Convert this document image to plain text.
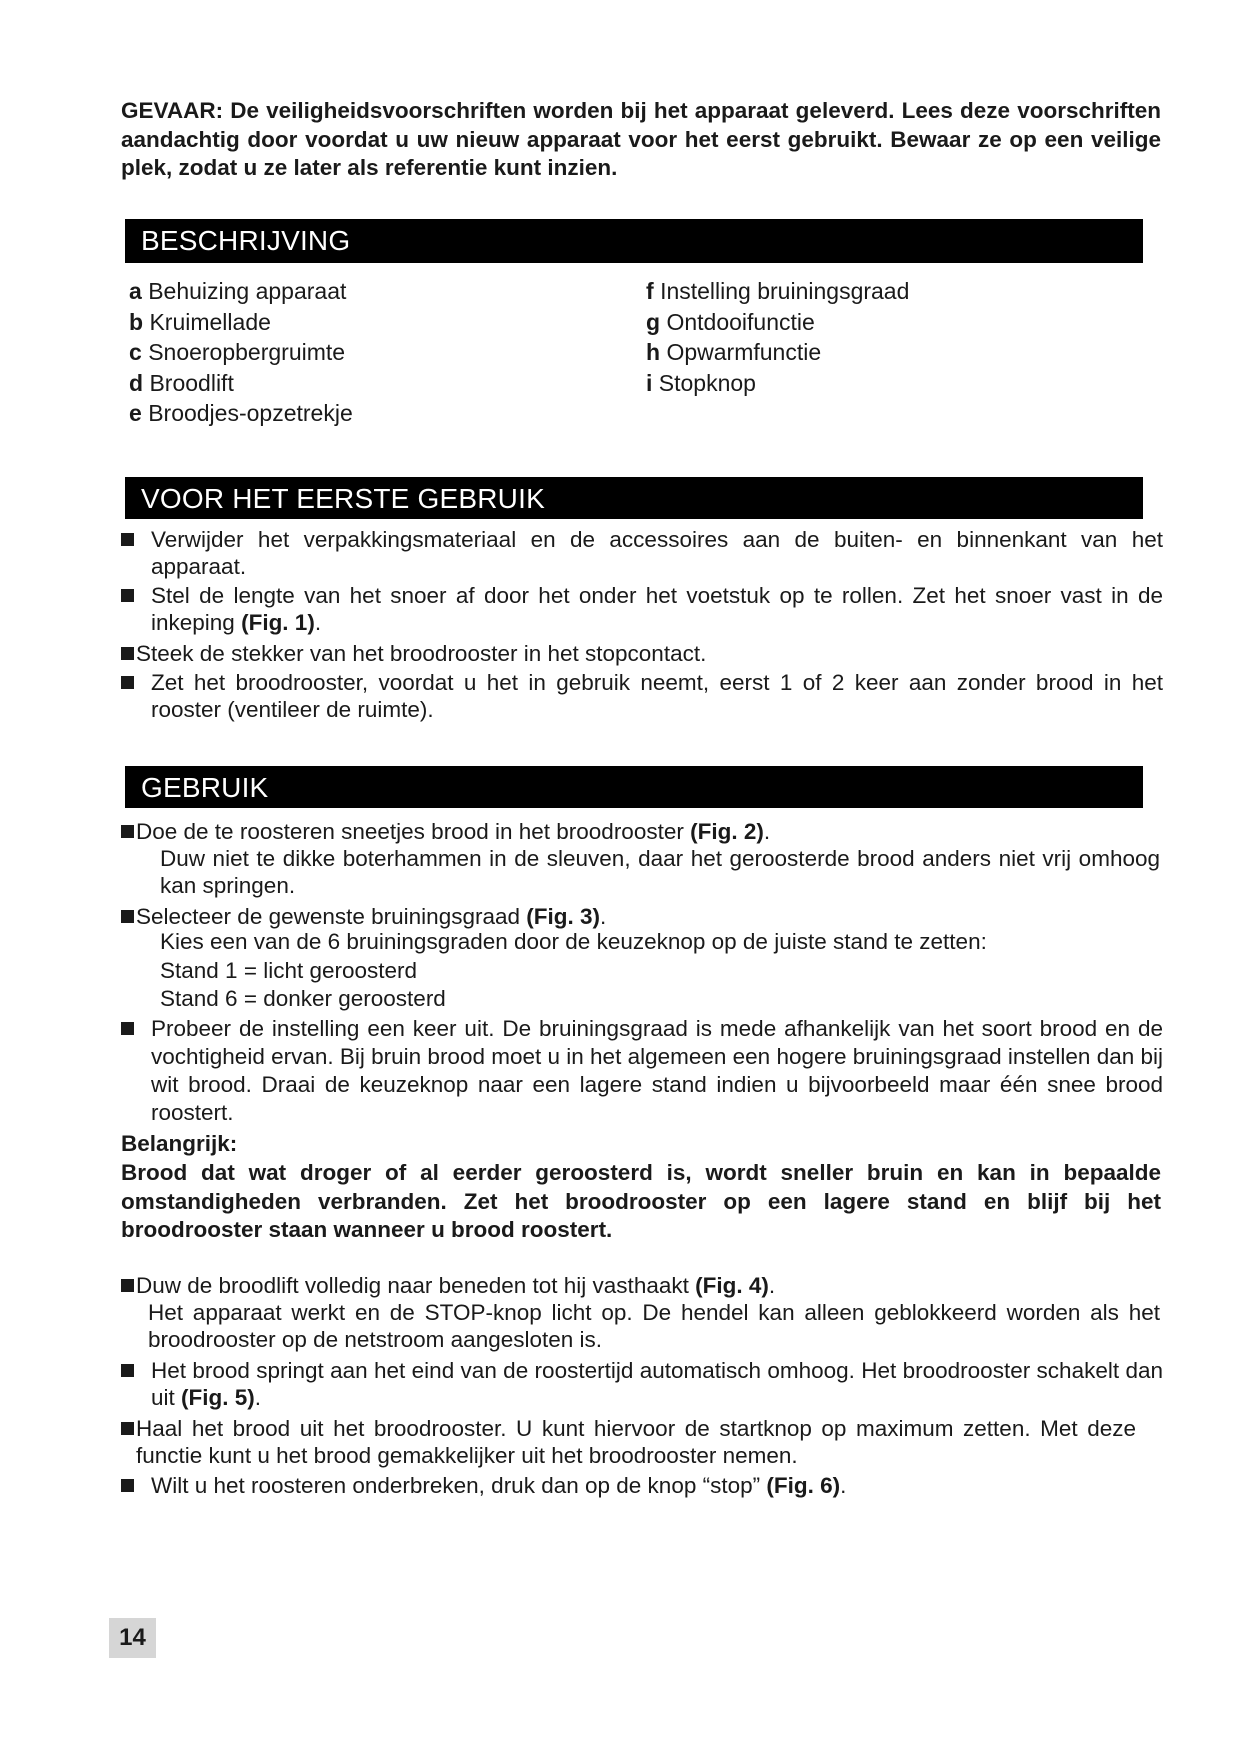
GEVAAR: De veiligheidsvoorschriften worden bij het apparaat geleverd. Lees deze voorschriften aandachtig door voordat u uw nieuw apparaat voor het eerst gebruikt. Bewaar ze op een veilige plek, zodat u ze later als referentie kunt inzien.
BESCHRIJVING
a Behuizing apparaat
b Kruimellade
c Snoeropbergruimte
d Broodlift
e Broodjes-opzetrekje
f Instelling bruiningsgraad
g Ontdooifunctie
h Opwarmfunctie
i Stopknop
VOOR HET EERSTE GEBRUIK
Verwijder het verpakkingsmateriaal en de accessoires aan de buiten- en binnenkant van het apparaat.
Stel de lengte van het snoer af door het onder het voetstuk op te rollen. Zet het snoer vast in de inkeping (Fig. 1).
Steek de stekker van het broodrooster in het stopcontact.
Zet het broodrooster, voordat u het in gebruik neemt, eerst 1 of 2 keer aan zonder brood in het rooster (ventileer de ruimte).
GEBRUIK
Doe de te roosteren sneetjes brood in het broodrooster (Fig. 2).
Duw niet te dikke boterhammen in de sleuven, daar het geroosterde brood anders niet vrij omhoog kan springen.
Selecteer de gewenste bruiningsgraad (Fig. 3).
Kies een van de 6 bruiningsgraden door de keuzeknop op de juiste stand te zetten:
Stand 1 = licht geroosterd
Stand 6 = donker geroosterd
Probeer de instelling een keer uit. De bruiningsgraad is mede afhankelijk van het soort brood en de vochtigheid ervan. Bij bruin brood moet u in het algemeen een hogere bruiningsgraad instellen dan bij wit brood. Draai de keuzeknop naar een lagere stand indien u bijvoorbeeld maar één snee brood roostert.
Belangrijk:
Brood dat wat droger of al eerder geroosterd is, wordt sneller bruin en kan in bepaalde omstandigheden verbranden. Zet het broodrooster op een lagere stand en blijf bij het broodrooster staan wanneer u brood roostert.
Duw de broodlift volledig naar beneden tot hij vasthaakt (Fig. 4).
Het apparaat werkt en de STOP-knop licht op. De hendel kan alleen geblokkeerd worden als het broodrooster op de netstroom aangesloten is.
Het brood springt aan het eind van de roostertijd automatisch omhoog. Het broodrooster schakelt dan uit (Fig. 5).
Haal het brood uit het broodrooster. U kunt hiervoor de startknop op maximum zetten. Met deze functie kunt u het brood gemakkelijker uit het broodrooster nemen.
Wilt u het roosteren onderbreken, druk dan op de knop “stop” (Fig. 6).
14
